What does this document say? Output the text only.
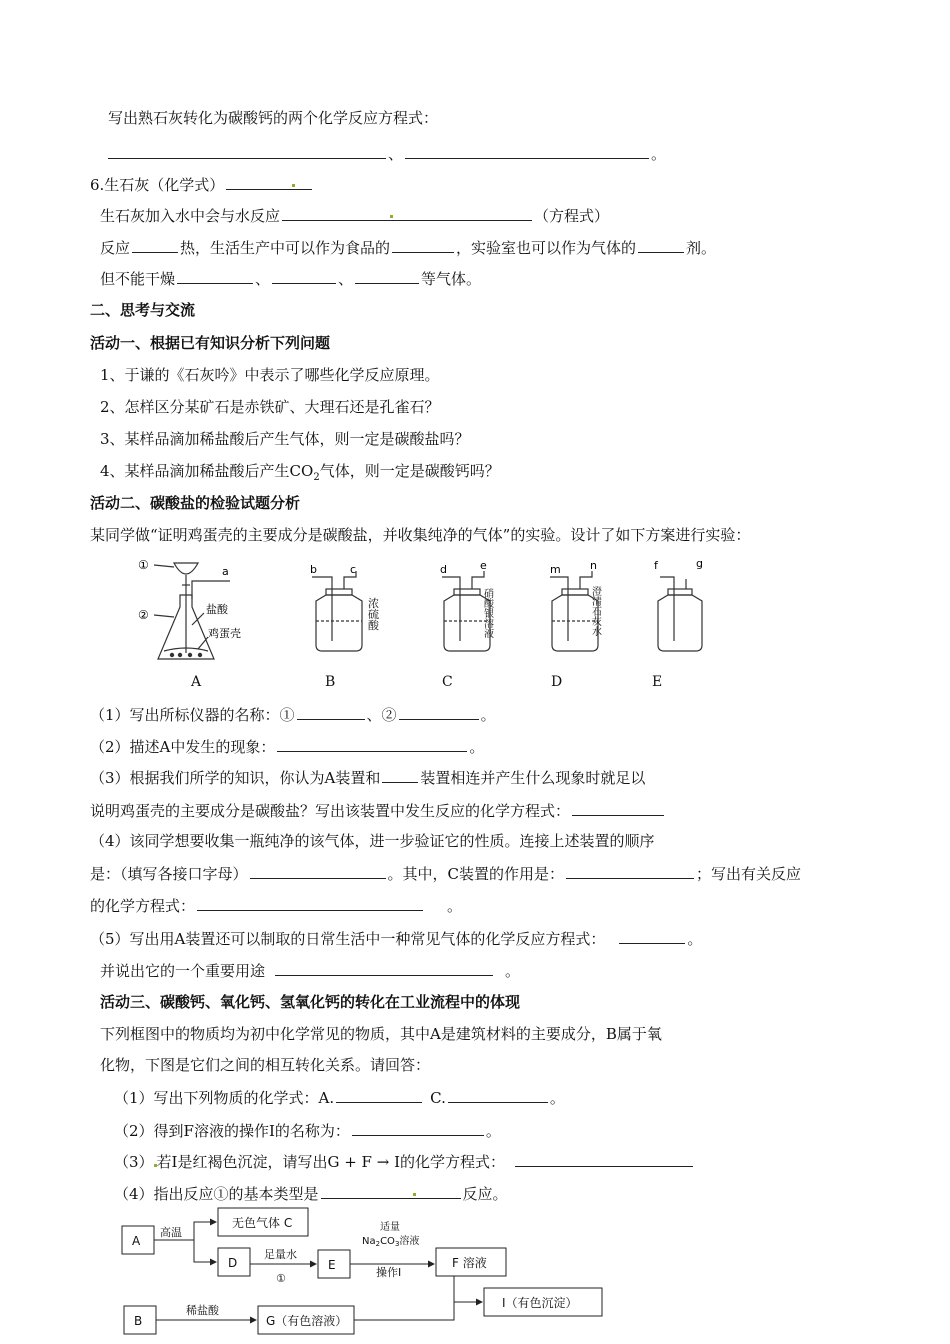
写出熟石灰转化为碳酸钙的两个化学反应方程式：
、	。
6.生石灰（化学式）
生石灰加入水中会与水反应	（方程式）
反应	热，生活生产中可以作为食品的	，实验室也可以作为气体的	剂。
但不能干燥	、	、	等气体。
二、思考与交流
活动一、根据已有知识分析下列问题
1、于谦的《石灰吟》中表示了哪些化学反应原理。
2、怎样区分某矿石是赤铁矿、大理石还是孔雀石？
3、某样品滴加稀盐酸后产生气体，则一定是碳酸盐吗？
4、某样品滴加稀盐酸后产生$CO_2$气体，则一定是碳酸钙吗？
活动二、碳酸盐的检验试题分析
某同学做“证明鸡蛋壳的主要成分是碳酸盐，并收集纯净的气体”的实验。设计了如下方案进行实验：
①
②
a
盐酸
鸡蛋壳
b	c	d	e	m	n	f	g
浓
硫
酸
硝
酸
银
溶
液
澄
清
石
灰
水
A	B	C	D	E
（1）写出所标仪器的名称：①	、②	。
（2）描述A中发生的现象：	。
（3）根据我们所学的知识，你认为A装置和	装置相连并产生什么现象时就足以
说明鸡蛋壳的主要成分是碳酸盐？写出该装置中发生反应的化学方程式：
（4）该同学想要收集一瓶纯净的该气体，进一步验证它的性质。连接上述装置的顺序
是：（填写各接口字母）	。其中，C装置的作用是：	；写出有关反应
的化学方程式：	。
（5）写出用A装置还可以制取的日常生活中一种常见气体的化学反应方程式：	。
并说出它的一个重要用途	。
活动三、碳酸钙、氧化钙、氢氧化钙的转化在工业流程中的体现
下列框图中的物质均为初中化学常见的物质，其中A是建筑材料的主要成分，B属于氧
化物，下图是它们之间的相互转化关系。请回答：
（1）写出下列物质的化学式：A.	C.	。
（2）得到F溶液的操作Ⅰ的名称为：	。
（3） 若I是红褐色沉淀，请写出G + F → I的化学方程式：
（4）指出反应①的基本类型是	反应。
A
高温
无色气体 C
D
足量水
①
E
适量
$Na_2CO_3$溶液
操作Ⅰ
F 溶液
I（有色沉淀）
B
稀盐酸
G（有色溶液）
